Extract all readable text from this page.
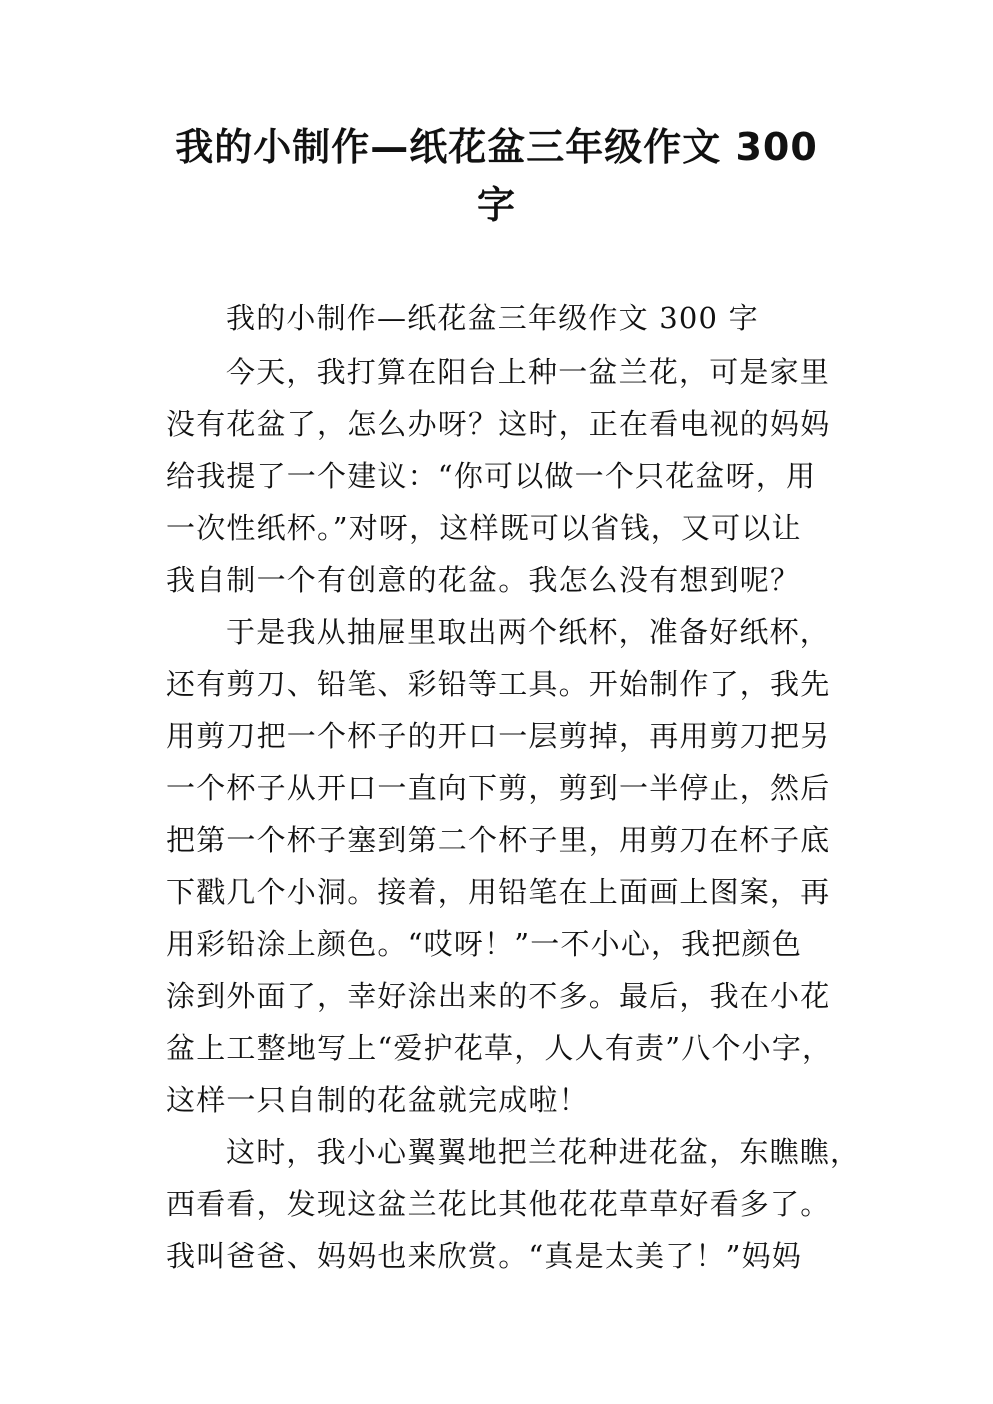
我的小制作—纸花盆三年级作文 300
字
我的小制作—纸花盆三年级作文 300 字
今天，我打算在阳台上种一盆兰花，可是家里
没有花盆了，怎么办呀？这时，正在看电视的妈妈
给我提了一个建议：“你可以做一个只花盆呀，用
一次性纸杯。”对呀，这样既可以省钱，又可以让
我自制一个有创意的花盆。我怎么没有想到呢？
于是我从抽屉里取出两个纸杯，准备好纸杯，
还有剪刀、铅笔、彩铅等工具。开始制作了，我先
用剪刀把一个杯子的开口一层剪掉，再用剪刀把另
一个杯子从开口一直向下剪，剪到一半停止，然后
把第一个杯子塞到第二个杯子里，用剪刀在杯子底
下戳几个小洞。接着，用铅笔在上面画上图案，再
用彩铅涂上颜色。“哎呀！”一不小心，我把颜色
涂到外面了，幸好涂出来的不多。最后，我在小花
盆上工整地写上“爱护花草，人人有责”八个小字，
这样一只自制的花盆就完成啦！
这时，我小心翼翼地把兰花种进花盆，东瞧瞧，
西看看，发现这盆兰花比其他花花草草好看多了。
我叫爸爸、妈妈也来欣赏。“真是太美了！”妈妈
